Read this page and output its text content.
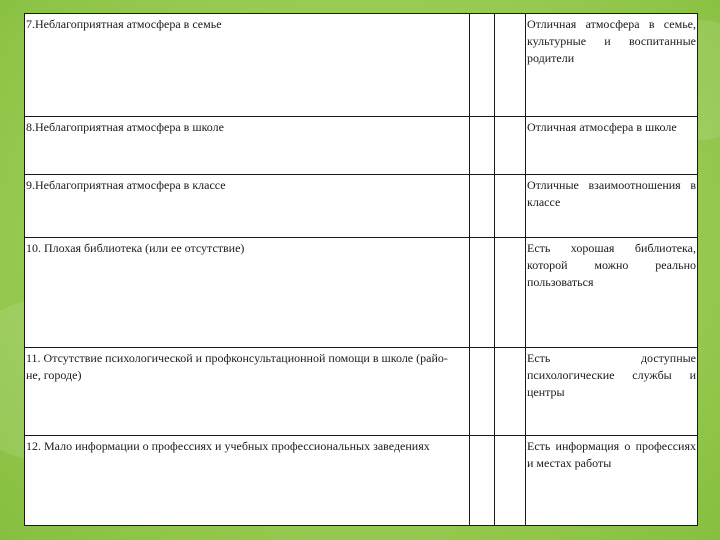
7.Неблагоприятная атмосфера в семье			Отличная атмосфера в семье, культурные и воспитанные родители
8.Неблагоприятная атмосфера в школе			Отличная атмосфера в школе
9.Неблагоприятная атмосфера в классе			Отличные взаимоотношения в классе
10. Плохая библиотека (или ее отсутствие)			Есть хорошая библиотека, которой можно реально пользоваться
11. Отсутствие психологической и профконсультационной помощи в школе (райо-
не, городе)			Есть доступные психологические службы и центры
12. Мало информации о профессиях и учебных профессиональных заведениях			Есть информация о профессиях и местах работы
